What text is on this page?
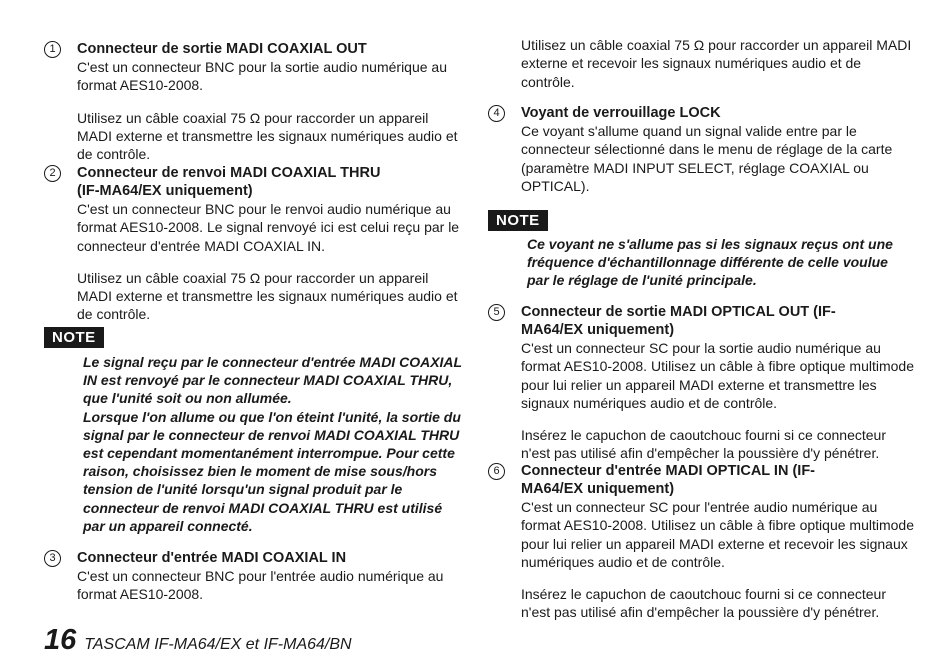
1	Connecteur de sortie MADI COAXIAL OUT

C'est un connecteur BNC pour la sortie audio numérique au format AES10-2008.

Utilisez un câble coaxial 75 Ω pour raccorder un appareil MADI externe et transmettre les signaux numériques audio et de contrôle.

2	Connecteur de renvoi MADI COAXIAL THRU (IF-MA64/EX uniquement)

C'est un connecteur BNC pour le renvoi audio numérique au format AES10-2008. Le signal renvoyé ici est celui reçu par le connecteur d'entrée MADI COAXIAL IN.

Utilisez un câble coaxial 75 Ω pour raccorder un appareil MADI externe et transmettre les signaux numériques audio et de contrôle.

NOTE
Le signal reçu par le connecteur d'entrée MADI COAXIAL IN est renvoyé par le connecteur MADI COAXIAL THRU, que l'unité soit ou non allumée.
Lorsque l'on allume ou que l'on éteint l'unité, la sortie du signal par le connecteur de renvoi MADI COAXIAL THRU est cependant momentanément interrompue. Pour cette raison, choisissez bien le moment de mise sous/hors tension de l'unité lorsqu'un signal produit par le connecteur de renvoi MADI COAXIAL THRU est utilisé par un appareil connecté.
3	Connecteur d'entrée MADI COAXIAL IN

C'est un connecteur BNC pour l'entrée audio numérique au format AES10-2008.

Utilisez un câble coaxial 75 Ω pour raccorder un appareil MADI externe et recevoir les signaux numériques audio et de contrôle.

4	Voyant de verrouillage LOCK

Ce voyant s'allume quand un signal valide entre par le connecteur sélectionné dans le menu de réglage de la carte (paramètre MADI INPUT SELECT, réglage COAXIAL ou OPTICAL).

NOTE
Ce voyant ne s'allume pas si les signaux reçus ont une fréquence d'échantillonnage différente de celle voulue par le réglage de l'unité principale.
5	Connecteur de sortie MADI OPTICAL OUT (IF-MA64/EX uniquement)

C'est un connecteur SC pour la sortie audio numérique au format AES10-2008. Utilisez un câble à fibre optique multimode pour lui relier un appareil MADI externe et transmettre les signaux numériques audio et de contrôle.

Insérez le capuchon de caoutchouc fourni si ce connecteur n'est pas utilisé afin d'empêcher la poussière d'y pénétrer.

6	Connecteur d'entrée MADI OPTICAL IN (IF-MA64/EX uniquement)

C'est un connecteur SC pour l'entrée audio numérique au format AES10-2008. Utilisez un câble à fibre optique multimode pour lui relier un appareil MADI externe et recevoir les signaux numériques audio et de contrôle.

Insérez le capuchon de caoutchouc fourni si ce connecteur n'est pas utilisé afin d'empêcher la poussière d'y pénétrer.

16 TASCAM IF-MA64/EX et IF-MA64/BN
